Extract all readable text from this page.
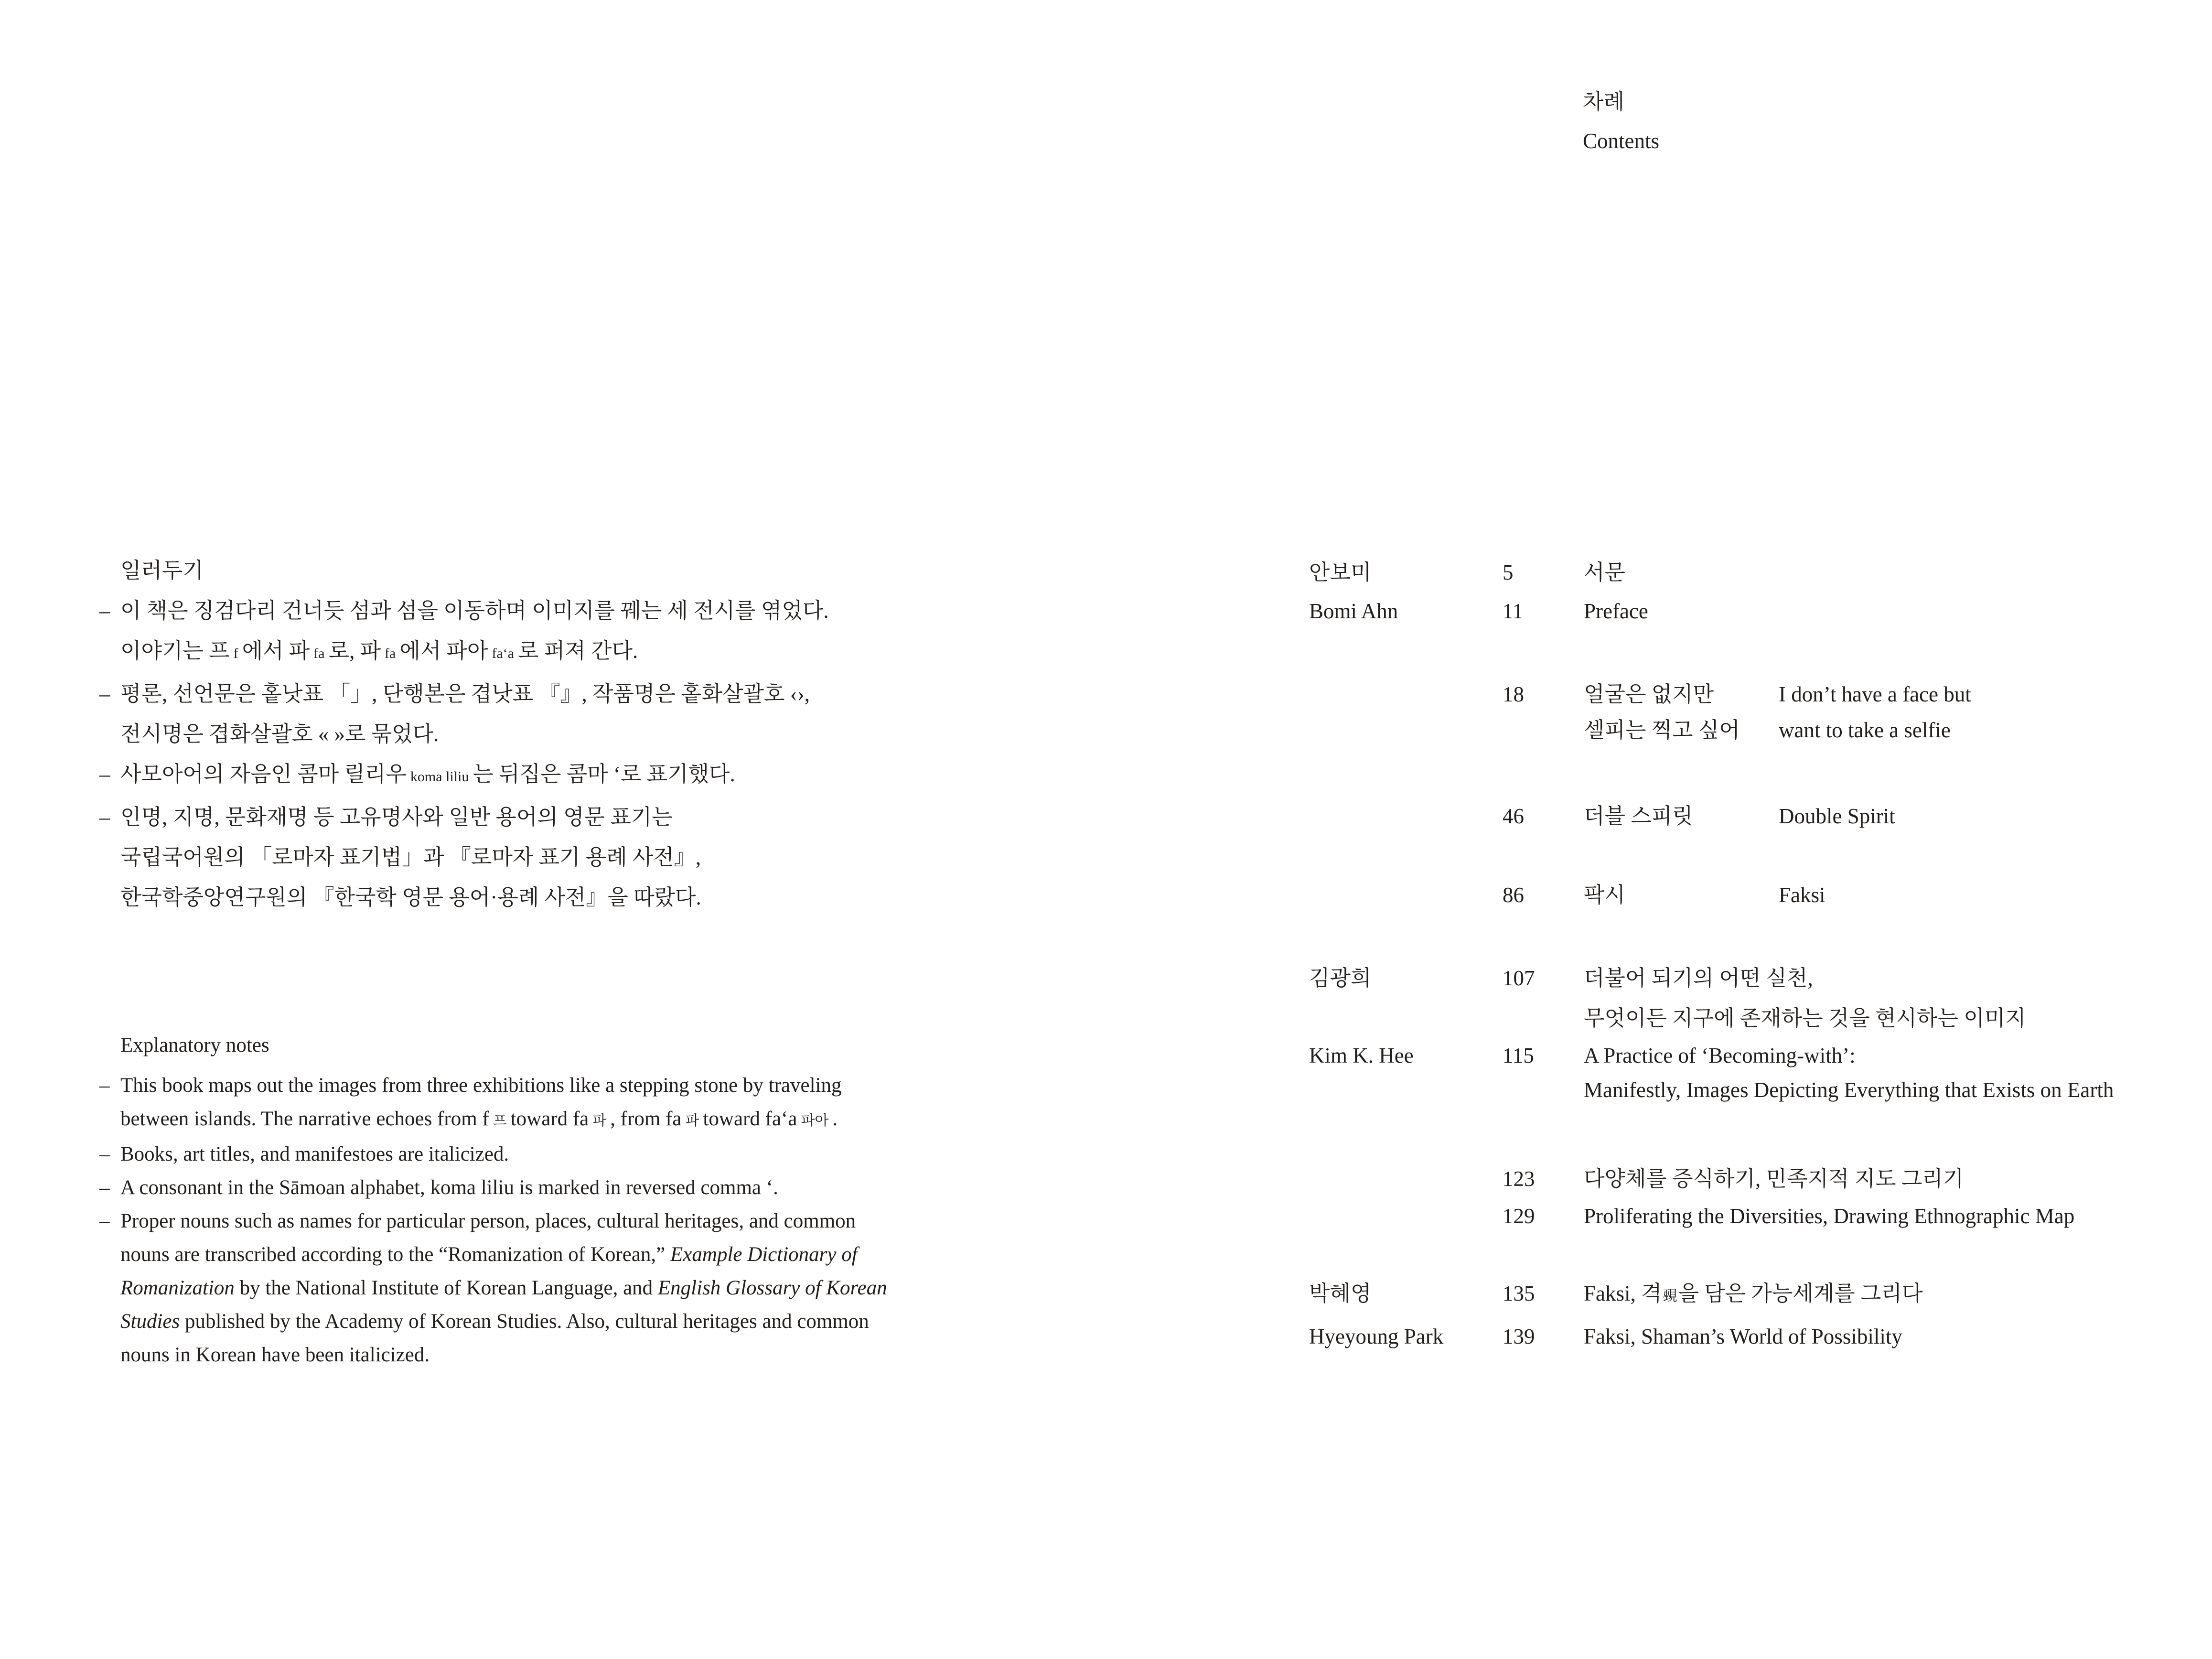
차례
Contents
일러두기
– 이 책은 징검다리 건너듯 섬과 섬을 이동하며 이미지를 꿰는 세 전시를 엮었다.
이야기는 프 f 에서 파 fa 로, 파 fa 에서 파아 faʻa 로 퍼져 간다.
– 평론, 선언문은 홑낫표 「」, 단행본은 겹낫표 『』, 작품명은 홑화살괄호 ‹›,
전시명은 겹화살괄호 « »로 묶었다.
– 사모아어의 자음인 콤마 릴리우 koma liliu 는 뒤집은 콤마 ʻ로 표기했다.
– 인명, 지명, 문화재명 등 고유명사와 일반 용어의 영문 표기는
국립국어원의 「로마자 표기법」과 『로마자 표기 용례 사전』,
한국학중앙연구원의 『한국학 영문 용어·용례 사전』을 따랐다.
Explanatory notes
– This book maps out the images from three exhibitions like a stepping stone by traveling
between islands. The narrative echoes from f 프 toward fa 파 , from fa 파 toward faʻa 파아 .
– Books, art titles, and manifestoes are italicized.
– A consonant in the Sāmoan alphabet, koma liliu is marked in reversed comma ʻ.
– Proper nouns such as names for particular person, places, cultural heritages, and common
nouns are transcribed according to the “Romanization of Korean,” Example Dictionary of
Romanization by the National Institute of Korean Language, and English Glossary of Korean
Studies published by the Academy of Korean Studies. Also, cultural heritages and common
nouns in Korean have been italicized.
안보미	5	서문
Bomi Ahn	11	Preface
18	얼굴은 없지만	I don’t have a face but
셀피는 찍고 싶어 want to take a selfie
46	더블 스피릿	Double Spirit
86	팍시	Faksi
김광희	107 더불어 되기의 어떤 실천,
무엇이든 지구에 존재하는 것을 현시하는 이미지
Kim K. Hee	115 A Practice of ‘Becoming-with’:
Manifestly, Images Depicting Everything that Exists on Earth
123 다양체를 증식하기, 민족지적 지도 그리기
129 Proliferating the Diversities, Drawing Ethnographic Map
박혜영	135 Faksi, 격覡을 담은 가능세계를 그리다
Hyeyoung Park	139 Faksi, Shaman’s World of Possibility
